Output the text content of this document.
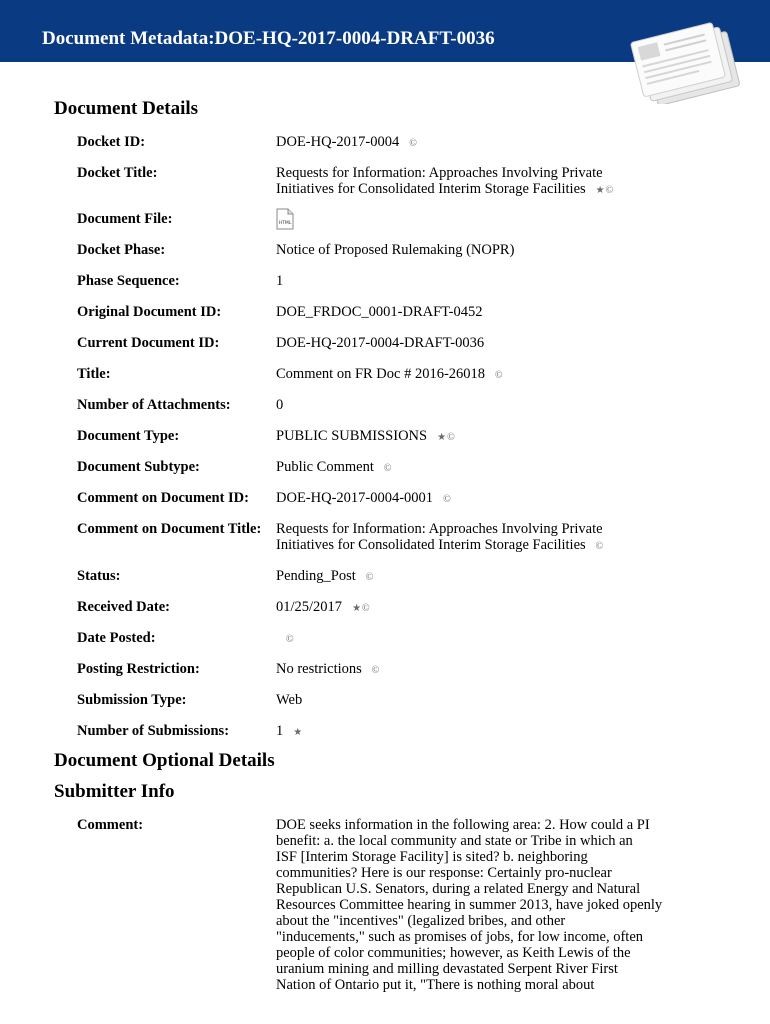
Document Metadata:DOE-HQ-2017-0004-DRAFT-0036
Document Details
Docket ID:	DOE-HQ-2017-0004 ©
Docket Title:	Requests for Information: Approaches Involving Private
Initiatives for Consolidated Interim Storage Facilities ★©
Document File:	HTML
Docket Phase:	Notice of Proposed Rulemaking (NOPR)
Phase Sequence:	1
Original Document ID:	DOE_FRDOC_0001-DRAFT-0452
Current Document ID:	DOE-HQ-2017-0004-DRAFT-0036
Title:	Comment on FR Doc # 2016-26018 ©
Number of Attachments:	0
Document Type:	PUBLIC SUBMISSIONS ★©
Document Subtype:	Public Comment ©
Comment on Document ID:	DOE-HQ-2017-0004-0001 ©
Comment on Document Title:	Requests for Information: Approaches Involving Private
Initiatives for Consolidated Interim Storage Facilities ©
Status:	Pending_Post ©
Received Date:	01/25/2017 ★©
Date Posted:	©
Posting Restriction:	No restrictions ©
Submission Type:	Web
Number of Submissions:	1 ★
Document Optional Details
Submitter Info
Comment:	DOE seeks information in the following area: 2. How could a PI
benefit: a. the local community and state or Tribe in which an
ISF [Interim Storage Facility] is sited? b. neighboring
communities? Here is our response: Certainly pro-nuclear
Republican U.S. Senators, during a related Energy and Natural
Resources Committee hearing in summer 2013, have joked openly
about the "incentives" (legalized bribes, and other
"inducements," such as promises of jobs, for low income, often
people of color communities; however, as Keith Lewis of the
uranium mining and milling devastated Serpent River First
Nation of Ontario put it, "There is nothing moral about
